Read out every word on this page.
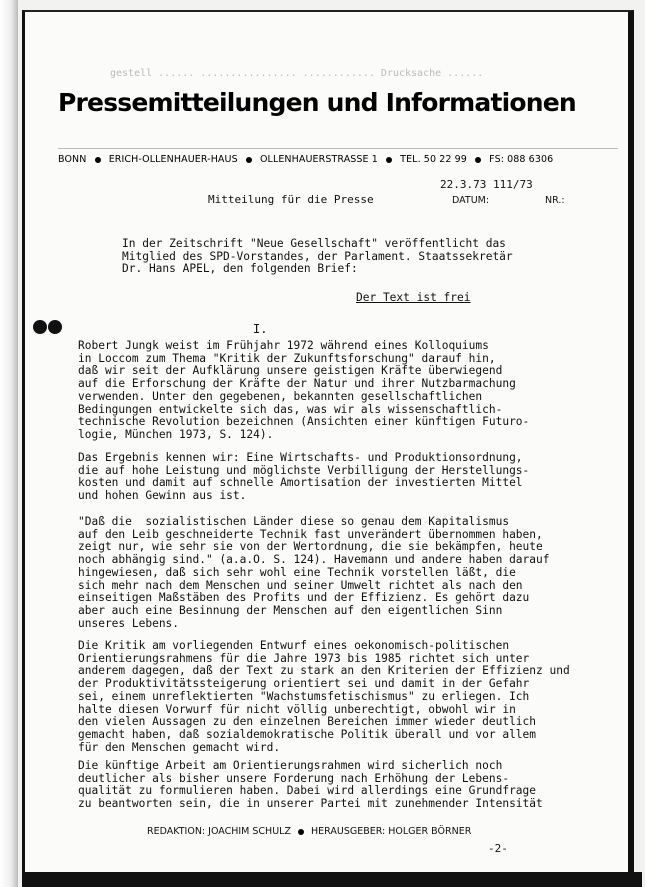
gestell ...... ................ ............ Drucksache ......
Pressemitteilungen und Informationen
BONN ERICH-OLLENHAUER-HAUS OLLENHAUERSTRASSE 1 TEL. 50 22 99 FS: 088 6306
22.3.73 111/73
Mitteilung für die Presse	DATUM:	NR.:
In der Zeitschrift "Neue Gesellschaft" veröffentlicht das
Mitglied des SPD-Vorstandes, der Parlament. Staatssekretär
Dr. Hans APEL, den folgenden Brief:
Der Text ist frei
I.
Robert Jungk weist im Frühjahr 1972 während eines Kolloquiums
in Loccom zum Thema "Kritik der Zukunftsforschung" darauf hin,
daß wir seit der Aufklärung unsere geistigen Kräfte überwiegend
auf die Erforschung der Kräfte der Natur und ihrer Nutzbarmachung
verwenden. Unter den gegebenen, bekannten gesellschaftlichen
Bedingungen entwickelte sich das, was wir als wissenschaftlich-
technische Revolution bezeichnen (Ansichten einer künftigen Futuro-
logie, München 1973, S. 124).
Das Ergebnis kennen wir: Eine Wirtschafts- und Produktionsordnung,
die auf hohe Leistung und möglichste Verbilligung der Herstellungs-
kosten und damit auf schnelle Amortisation der investierten Mittel
und hohen Gewinn aus ist.
"Daß die  sozialistischen Länder diese so genau dem Kapitalismus
auf den Leib geschneiderte Technik fast unverändert übernommen haben,
zeigt nur, wie sehr sie von der Wertordnung, die sie bekämpfen, heute
noch abhängig sind." (a.a.O. S. 124). Havemann und andere haben darauf
hingewiesen, daß sich sehr wohl eine Technik vorstellen läßt, die
sich mehr nach dem Menschen und seiner Umwelt richtet als nach den
einseitigen Maßstäben des Profits und der Effizienz. Es gehört dazu
aber auch eine Besinnung der Menschen auf den eigentlichen Sinn
unseres Lebens.
Die Kritik am vorliegenden Entwurf eines oekonomisch-politischen
Orientierungsrahmens für die Jahre 1973 bis 1985 richtet sich unter
anderem dagegen, daß der Text zu stark an den Kriterien der Effizienz und
der Produktivitätssteigerung orientiert sei und damit in der Gefahr
sei, einem unreflektierten "Wachstumsfetischismus" zu erliegen. Ich
halte diesen Vorwurf für nicht völlig unberechtigt, obwohl wir in
den vielen Aussagen zu den einzelnen Bereichen immer wieder deutlich
gemacht haben, daß sozialdemokratische Politik überall und vor allem
für den Menschen gemacht wird.
Die künftige Arbeit am Orientierungsrahmen wird sicherlich noch
deutlicher als bisher unsere Forderung nach Erhöhung der Lebens-
qualität zu formulieren haben. Dabei wird allerdings eine Grundfrage
zu beantworten sein, die in unserer Partei mit zunehmender Intensität
REDAKTION: JOACHIM SCHULZ HERAUSGEBER: HOLGER BÖRNER
-2-
